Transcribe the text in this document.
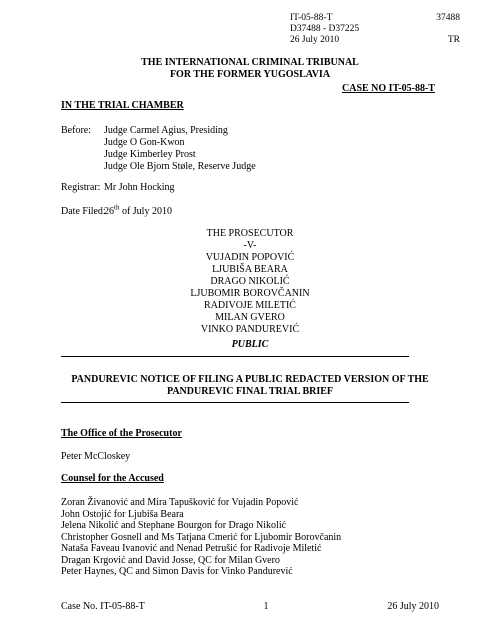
IT-05-88-T	37488
D37488 - D37225
26 July 2010	TR
THE INTERNATIONAL CRIMINAL TRIBUNAL
FOR THE FORMER YUGOSLAVIA
CASE NO IT-05-88-T
IN THE TRIAL CHAMBER
Before: Judge Carmel Agius, Presiding
Judge O Gon-Kwon
Judge Kimberley Prost
Judge Ole Bjorn Støle, Reserve Judge
Registrar: Mr John Hocking
Date Filed:
26th of July 2010
THE PROSECUTOR
-V-
VUJADIN POPOVIĆ
LJUBIŠA BEARA
DRAGO NIKOLIĆ
LJUBOMIR BOROVČANIN
RADIVOJE MILETIĆ
MILAN GVERO
VINKO PANDUREVIĆ
PUBLIC
PANDUREVIC NOTICE OF FILING A PUBLIC REDACTED VERSION OF THE
PANDUREVIC FINAL TRIAL BRIEF
The Office of the Prosecutor
Peter McCloskey
Counsel for the Accused
Zoran Živanović and Mira Tapušković for Vujadin Popović
John Ostojić for Ljubiša Beara
Jelena Nikolić and Stephane Bourgon for Drago Nikolić
Christopher Gosnell and Ms Tatjana Cmerić for Ljubomir Borovčanin
Nataša Faveau Ivanović and Nenad Petrušić for Radivoje Miletić
Dragan Krgović and David Josse, QC for Milan Gvero
Peter Haynes, QC and Simon Davis for Vinko Pandurević
Case No. IT-05-88-T	1	26 July 2010
